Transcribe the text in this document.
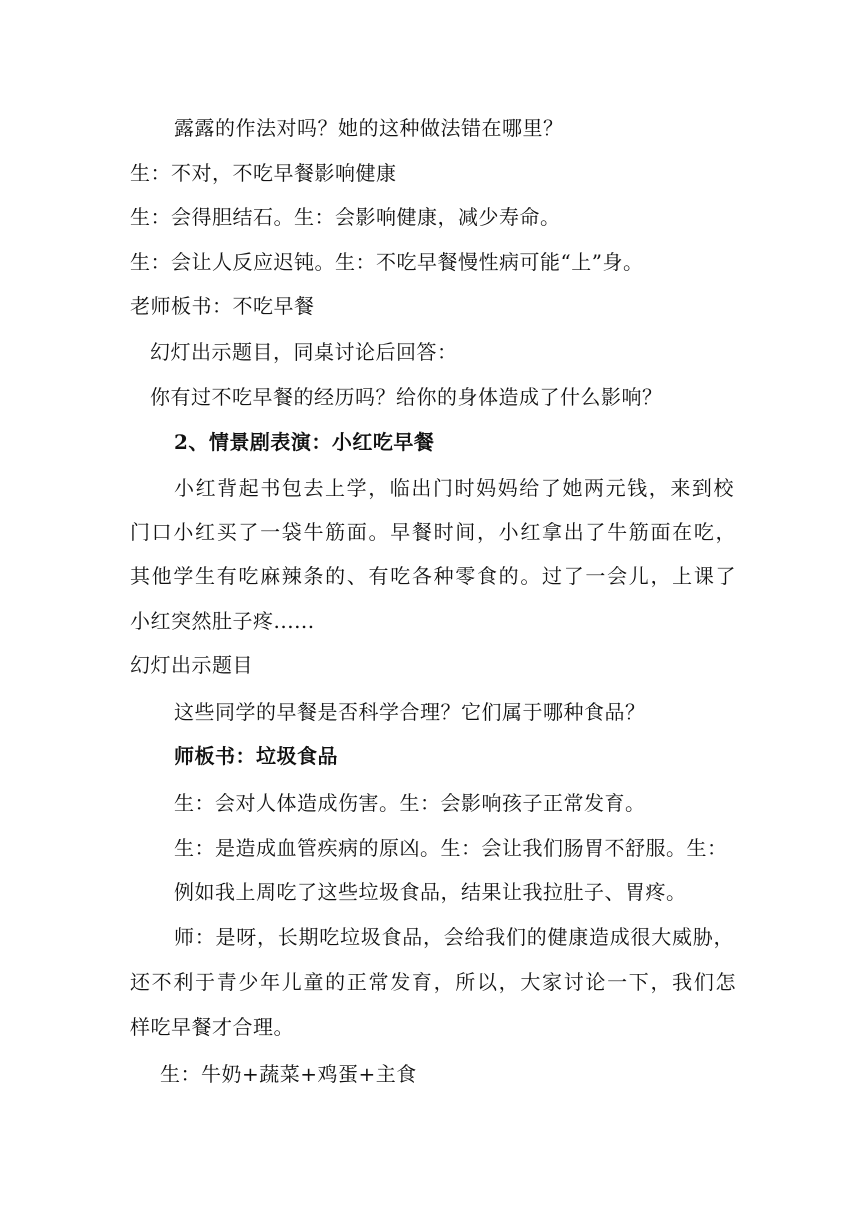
露露的作法对吗？她的这种做法错在哪里？
生：不对，不吃早餐影响健康
生：会得胆结石。生：会影响健康，减少寿命。
生：会让人反应迟钝。生：不吃早餐慢性病可能“上”身。
老师板书：不吃早餐
幻灯出示题目，同桌讨论后回答：
你有过不吃早餐的经历吗？给你的身体造成了什么影响？
2、情景剧表演：小红吃早餐
小红背起书包去上学，临出门时妈妈给了她两元钱，来到校
门口小红买了一袋牛筋面。早餐时间，小红拿出了牛筋面在吃，
其他学生有吃麻辣条的、有吃各种零食的。过了一会儿，上课了
小红突然肚子疼......
幻灯出示题目
这些同学的早餐是否科学合理？它们属于哪种食品？
师板书：垃圾食品
生：会对人体造成伤害。生：会影响孩子正常发育。
生：是造成血管疾病的原凶。生：会让我们肠胃不舒服。生：
例如我上周吃了这些垃圾食品，结果让我拉肚子、胃疼。
师：是呀，长期吃垃圾食品，会给我们的健康造成很大威胁，
还不利于青少年儿童的正常发育，所以，大家讨论一下，我们怎
样吃早餐才合理。
生：牛奶+蔬菜+鸡蛋+主食
